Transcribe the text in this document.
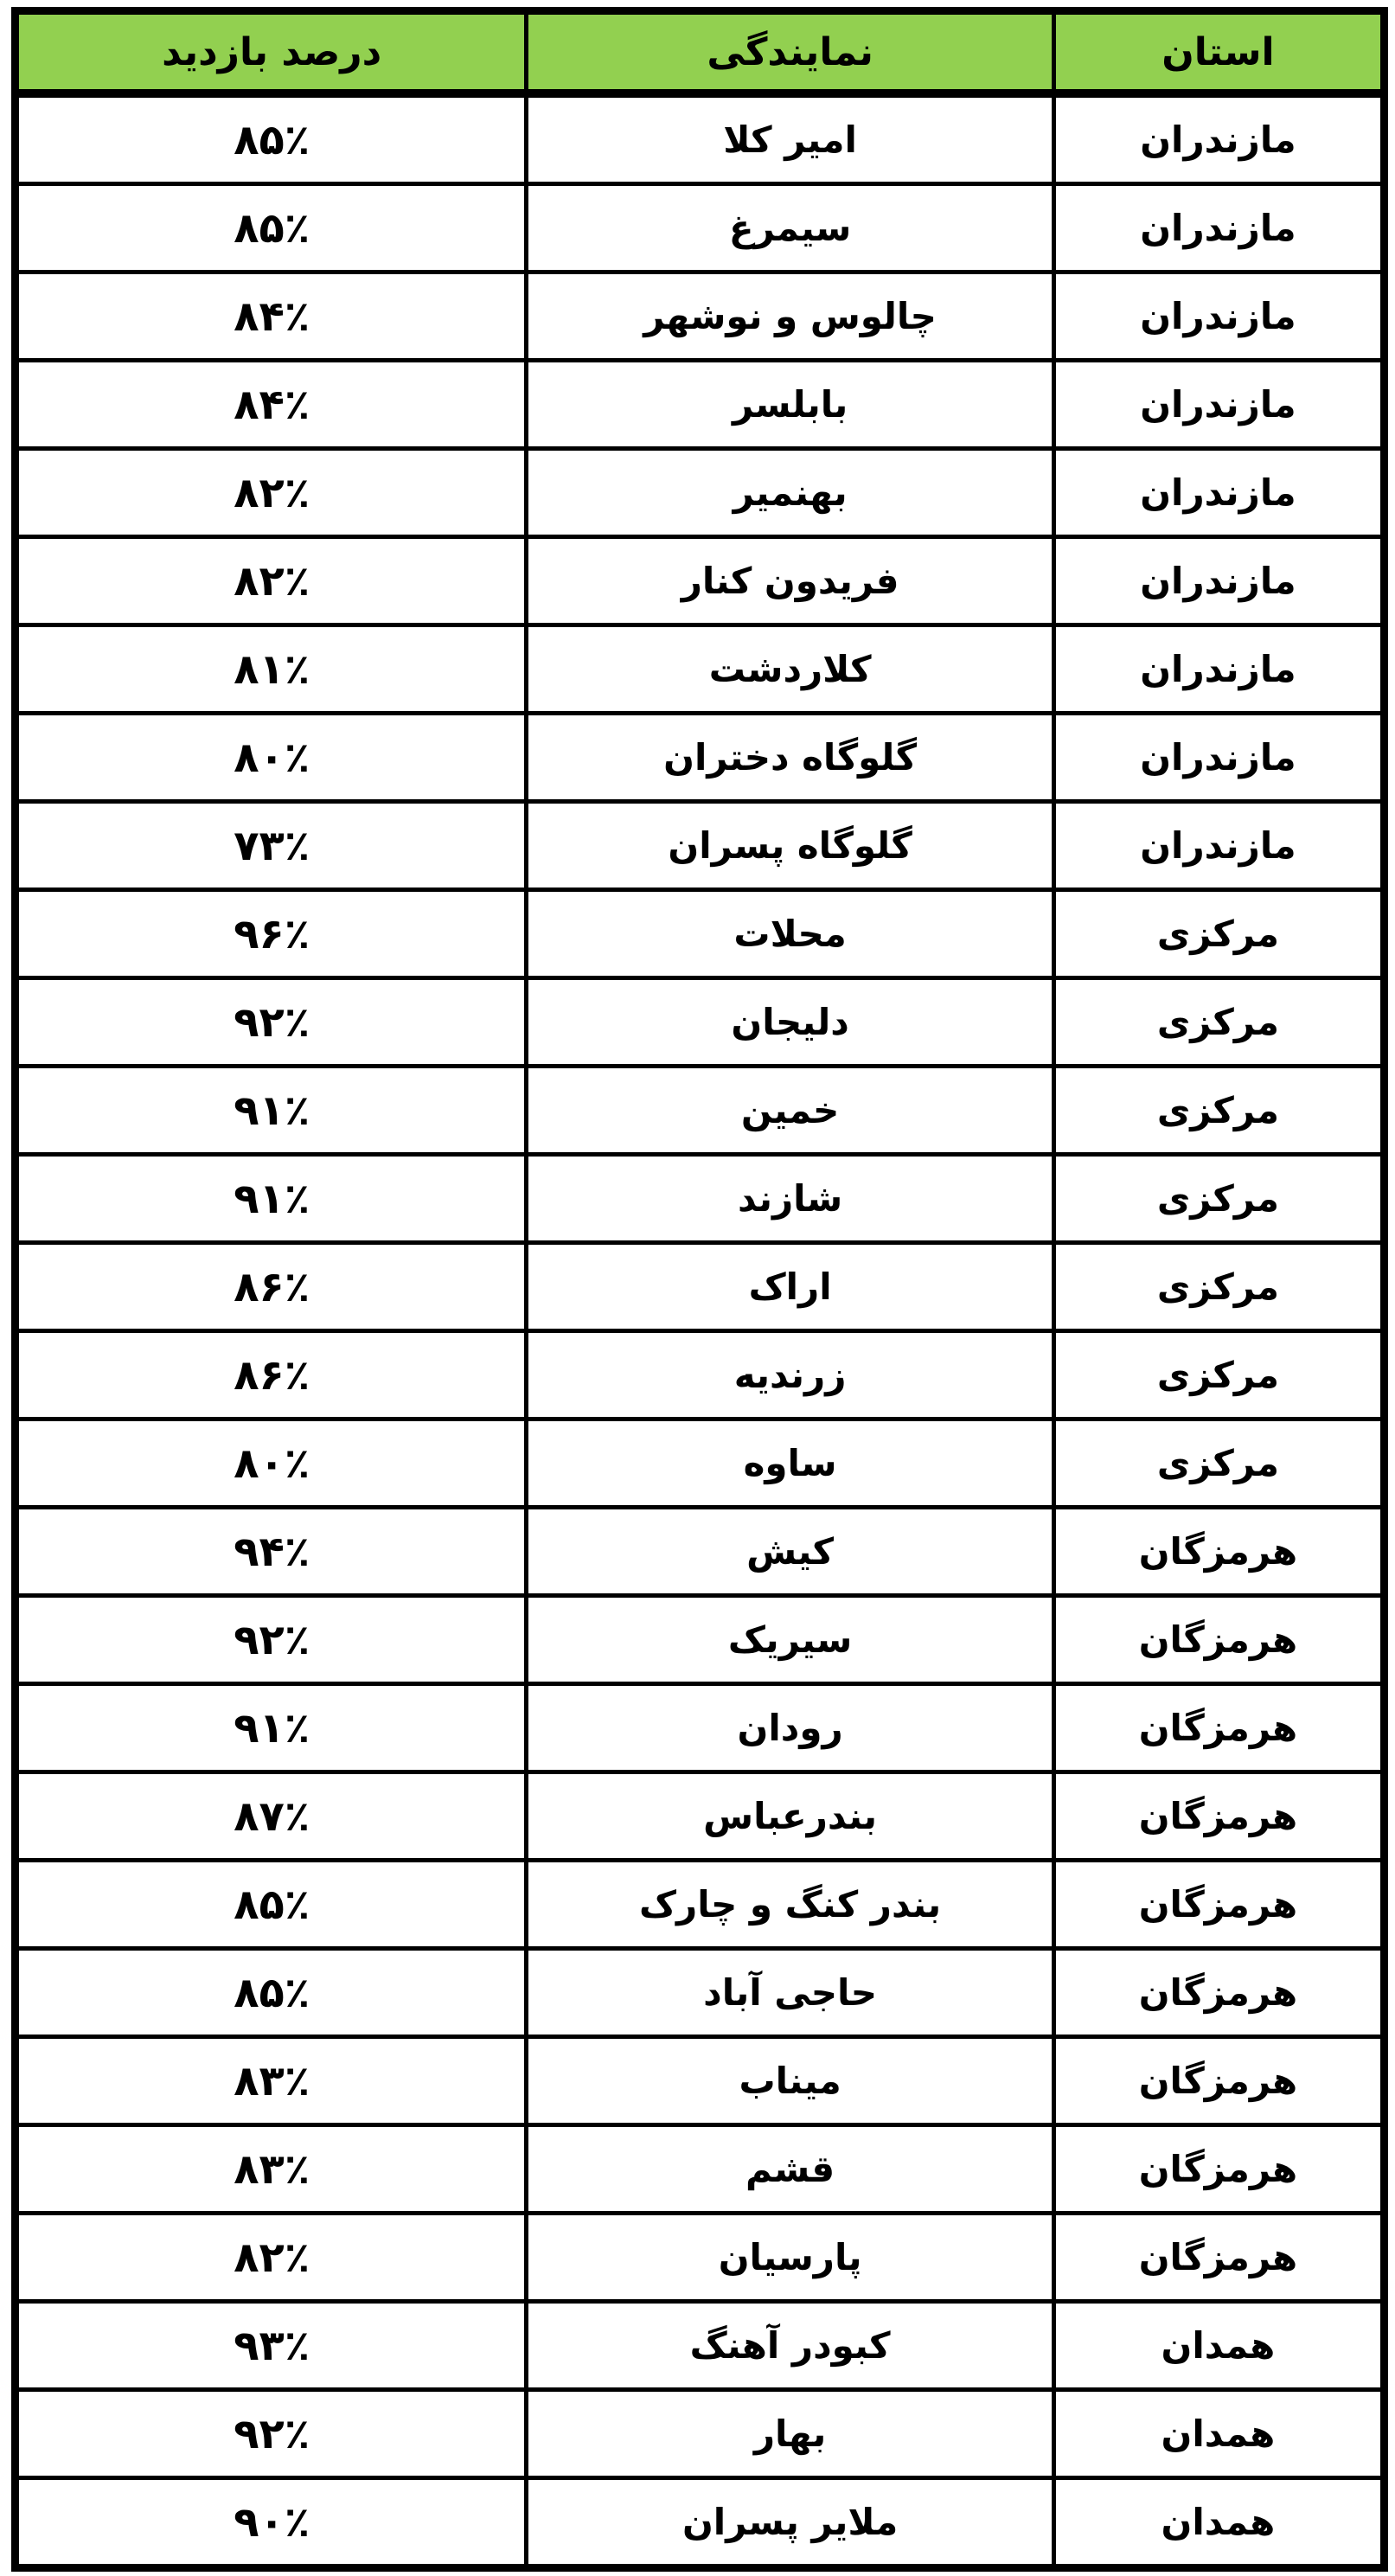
استان	نمایندگی	درصد بازدید
مازندران	امیر کلا	۸۵٪
مازندران	سیمرغ	۸۵٪
مازندران	چالوس و نوشهر	۸۴٪
مازندران	بابلسر	۸۴٪
مازندران	بهنمیر	۸۲٪
مازندران	فریدون کنار	۸۲٪
مازندران	کلاردشت	۸۱٪
مازندران	گلوگاه دختران	۸۰٪
مازندران	گلوگاه پسران	۷۳٪
مرکزی	محلات	۹۶٪
مرکزی	دلیجان	۹۲٪
مرکزی	خمین	۹۱٪
مرکزی	شازند	۹۱٪
مرکزی	اراک	۸۶٪
مرکزی	زرندیه	۸۶٪
مرکزی	ساوه	۸۰٪
هرمزگان	کیش	۹۴٪
هرمزگان	سیریک	۹۲٪
هرمزگان	رودان	۹۱٪
هرمزگان	بندرعباس	۸۷٪
هرمزگان	بندر کنگ و چارک	۸۵٪
هرمزگان	حاجی آباد	۸۵٪
هرمزگان	میناب	۸۳٪
هرمزگان	قشم	۸۳٪
هرمزگان	پارسیان	۸۲٪
همدان	کبودر آهنگ	۹۳٪
همدان	بهار	۹۲٪
همدان	ملایر پسران	۹۰٪
